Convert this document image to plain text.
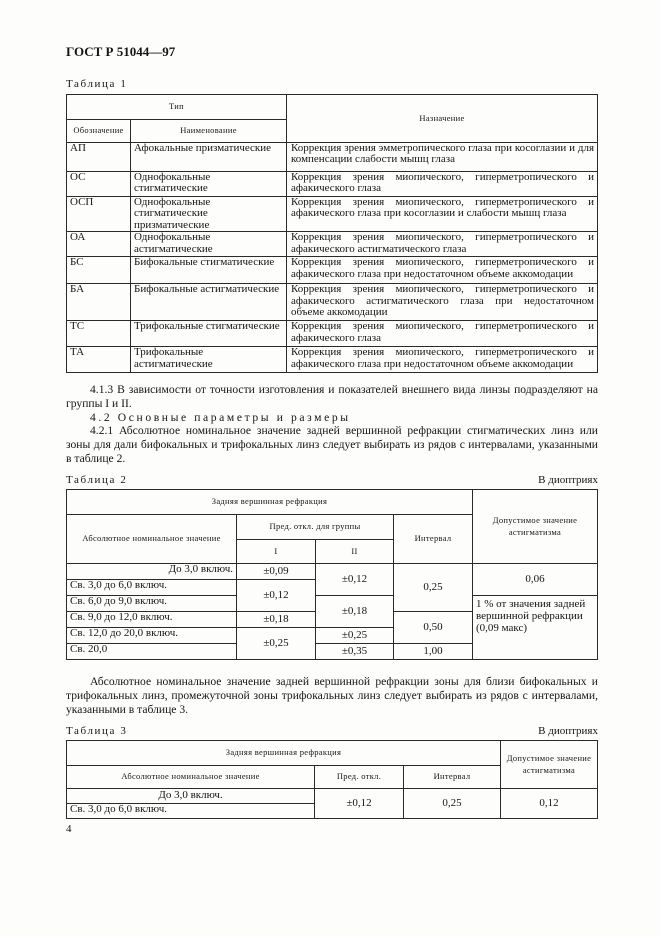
ГОСТ Р 51044—97
Таблица 1
Тип		Назначение
Обозначение	Наименование	
АП	Афокальные призматические	Коррекция зрения эмметропического глаза при косоглазии и для компенсации слабости мышц глаза
ОС	Однофокальные стигматические	Коррекция зрения миопического, гиперметропического и афакического глаза
ОСП	Однофокальные стигматические призматические	Коррекция зрения миопического, гиперметропического и афакического глаза при косоглазии и слабости мышц глаза
ОА	Однофокальные астигматические	Коррекция зрения миопического, гиперметропического и афакического астигматического глаза
БС	Бифокальные стигматические	Коррекция зрения миопического, гиперметропического и афакического глаза при недостаточном объеме аккомодации
БА	Бифокальные астигматические	Коррекция зрения миопического, гиперметропического и афакического астигматического глаза при недостаточном объеме аккомодации
ТС	Трифокальные стигматические	Коррекция зрения миопического, гиперметропического и афакического глаза
ТА	Трифокальные астигматические	Коррекция зрения миопического, гиперметропического и афакического глаза при недостаточном объеме аккомодации
4.1.3 В зависимости от точности изготовления и показателей внешнего вида линзы подразделяют на группы I и II.
4.2 Основные параметры и размеры
4.2.1 Абсолютное номинальное значение задней вершинной рефракции стигматических линз или зоны для дали бифокальных и трифокальных линз следует выбирать из рядов с интервалами, указанными в таблице 2.
Таблица 2	В диоптриях
Задняя вершинная рефракция				Допустимое значение астигматизма
Абсолютное номинальное значение	Пред. откл. для группы		Интервал	
	I	II		
До 3,0 включ.	±0,09	±0,12	0,25	0,06
Св. 3,0 до 6,0 включ.	±0,12			
Св. 6,0 до 9,0 включ.		±0,18		1 % от значения задней вершинной рефракции (0,09 макс)
Св. 9,0 до 12,0 включ.	±0,18		0,50	
Св. 12,0 до 20,0 включ.	±0,25	±0,25		
Св. 20,0		±0,35	1,00	
Абсолютное номинальное значение задней вершинной рефракции зоны для близи бифокальных и трифокальных линз, промежуточной зоны трифокальных линз следует выбирать из рядов с интервалами, указанными в таблице 3.
Таблица 3	В диоптриях
Задняя вершинная рефракция			Допустимое значение астигматизма
Абсолютное номинальное значение	Пред. откл.	Интервал	
До 3,0 включ.	±0,12	0,25	0,12
Св. 3,0 до 6,0 включ.			
4
